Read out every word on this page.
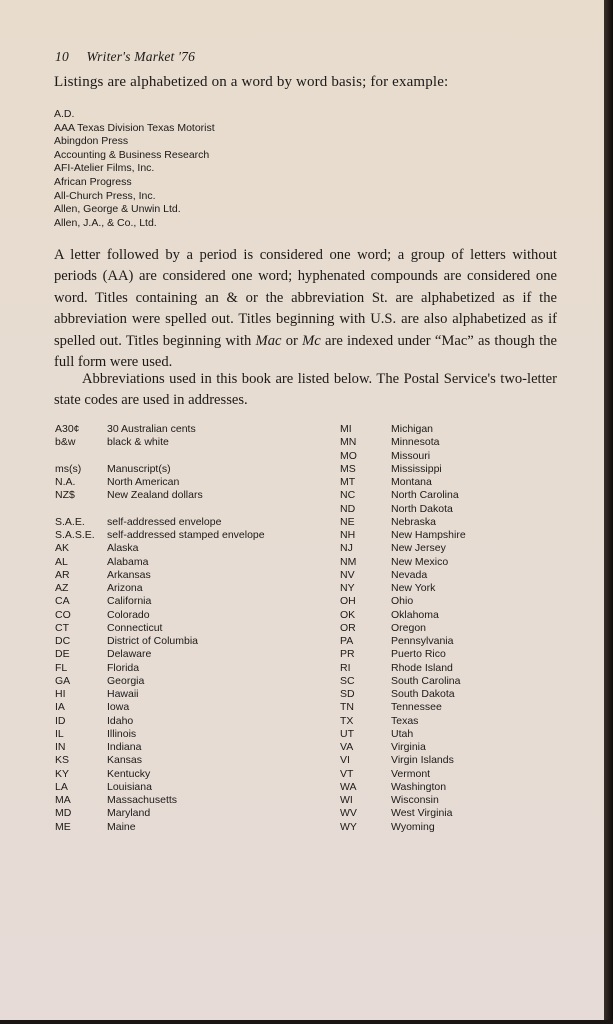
10 Writer's Market '76
Listings are alphabetized on a word by word basis; for example:
A.D.
AAA Texas Division Texas Motorist
Abingdon Press
Accounting & Business Research
AFI-Atelier Films, Inc.
African Progress
All-Church Press, Inc.
Allen, George & Unwin Ltd.
Allen, J.A., & Co., Ltd.

A letter followed by a period is considered one word; a group of letters without periods (AA) are considered one word; hyphenated compounds are considered one word. Titles containing an & or the abbreviation St. are alphabetized as if the abbreviation were spelled out. Titles beginning with U.S. are also alphabetized as if spelled out. Titles beginning with Mac or Mc are indexed under “Mac” as though the full form were used.

Abbreviations used in this book are listed below. The Postal Service's two-letter state codes are used in addresses.

A30¢	30 Australian cents
b&w	black & white
ms(s)	Manuscript(s)
N.A.	North American
NZ$	New Zealand dollars
S.A.E.	self-addressed envelope
S.A.S.E.	self-addressed stamped envelope
AK	Alaska
AL	Alabama
AR	Arkansas
AZ	Arizona
CA	California
CO	Colorado
CT	Connecticut
DC	District of Columbia
DE	Delaware
FL	Florida
GA	Georgia
HI	Hawaii
IA	Iowa
ID	Idaho
IL	Illinois
IN	Indiana
KS	Kansas
KY	Kentucky
LA	Louisiana
MA	Massachusetts
MD	Maryland
ME	Maine
MI	Michigan
MN	Minnesota
MO	Missouri
MS	Mississippi
MT	Montana
NC	North Carolina
ND	North Dakota
NE	Nebraska
NH	New Hampshire
NJ	New Jersey
NM	New Mexico
NV	Nevada
NY	New York
OH	Ohio
OK	Oklahoma
OR	Oregon
PA	Pennsylvania
PR	Puerto Rico
RI	Rhode Island
SC	South Carolina
SD	South Dakota
TN	Tennessee
TX	Texas
UT	Utah
VA	Virginia
VI	Virgin Islands
VT	Vermont
WA	Washington
WI	Wisconsin
WV	West Virginia
WY	Wyoming
